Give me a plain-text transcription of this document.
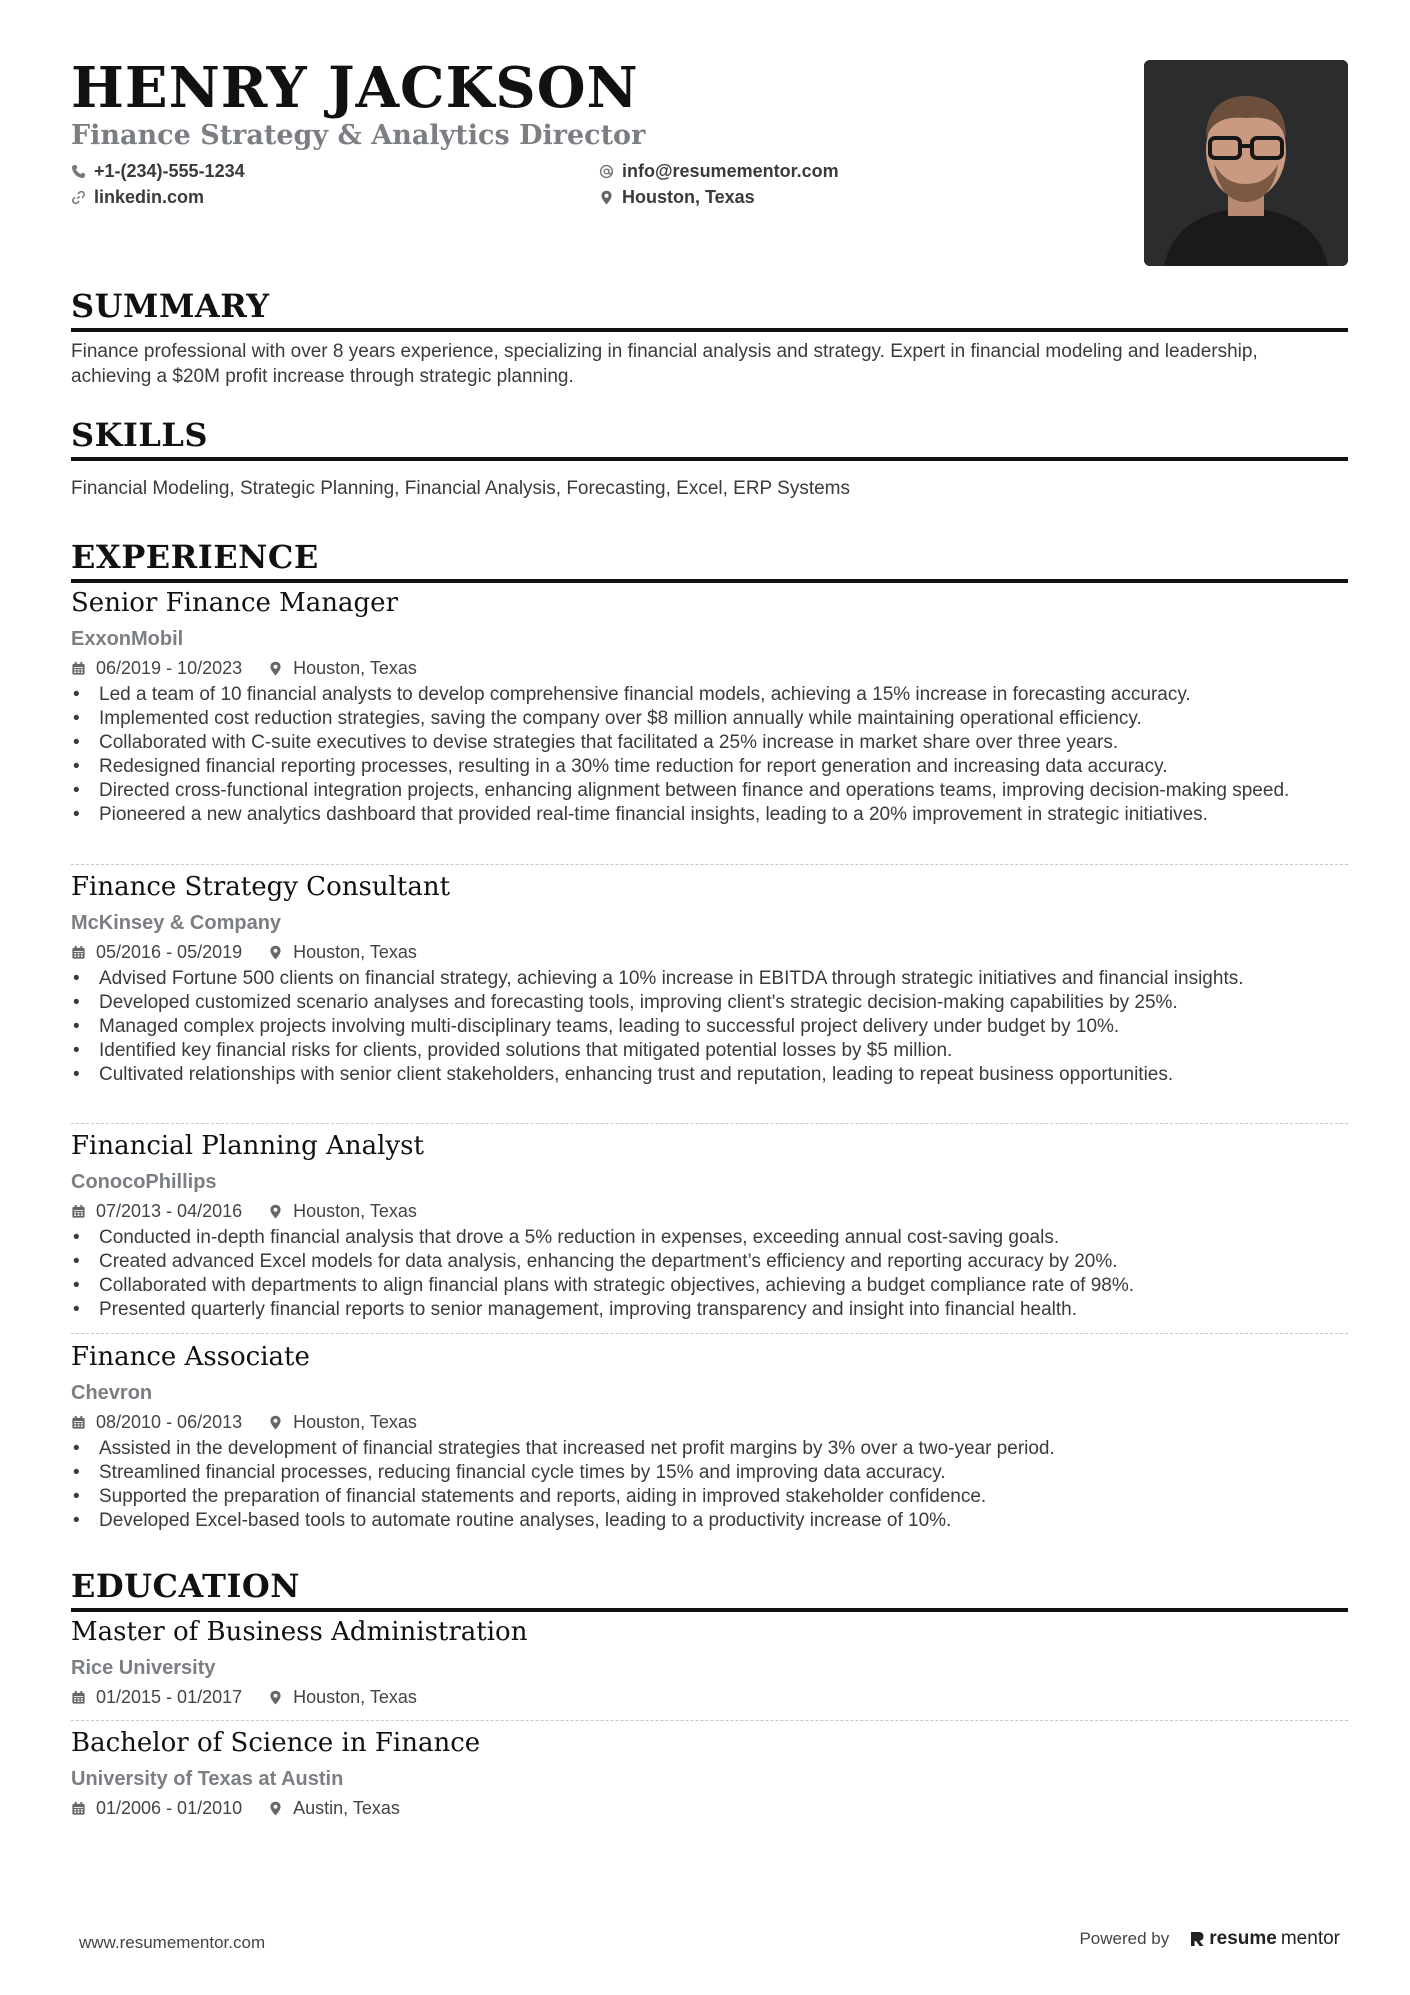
HENRY JACKSON
Finance Strategy & Analytics Director
+1-(234)-555-1234	info@resumementor.com
linkedin.com	Houston, Texas
SUMMARY
Finance professional with over 8 years experience, specializing in financial analysis and strategy. Expert in financial modeling and leadership, achieving a $20M profit increase through strategic planning.
SKILLS
Financial Modeling, Strategic Planning, Financial Analysis, Forecasting, Excel, ERP Systems
EXPERIENCE
Senior Finance Manager
ExxonMobil
06/2019 - 10/2023	Houston, Texas
• Led a team of 10 financial analysts to develop comprehensive financial models, achieving a 15% increase in forecasting accuracy.
• Implemented cost reduction strategies, saving the company over $8 million annually while maintaining operational efficiency.
• Collaborated with C-suite executives to devise strategies that facilitated a 25% increase in market share over three years.
• Redesigned financial reporting processes, resulting in a 30% time reduction for report generation and increasing data accuracy.
• Directed cross-functional integration projects, enhancing alignment between finance and operations teams, improving decision-making speed.
• Pioneered a new analytics dashboard that provided real-time financial insights, leading to a 20% improvement in strategic initiatives.
Finance Strategy Consultant
McKinsey & Company
05/2016 - 05/2019	Houston, Texas
• Advised Fortune 500 clients on financial strategy, achieving a 10% increase in EBITDA through strategic initiatives and financial insights.
• Developed customized scenario analyses and forecasting tools, improving client's strategic decision-making capabilities by 25%.
• Managed complex projects involving multi-disciplinary teams, leading to successful project delivery under budget by 10%.
• Identified key financial risks for clients, provided solutions that mitigated potential losses by $5 million.
• Cultivated relationships with senior client stakeholders, enhancing trust and reputation, leading to repeat business opportunities.
Financial Planning Analyst
ConocoPhillips
07/2013 - 04/2016	Houston, Texas
• Conducted in-depth financial analysis that drove a 5% reduction in expenses, exceeding annual cost-saving goals.
• Created advanced Excel models for data analysis, enhancing the department’s efficiency and reporting accuracy by 20%.
• Collaborated with departments to align financial plans with strategic objectives, achieving a budget compliance rate of 98%.
• Presented quarterly financial reports to senior management, improving transparency and insight into financial health.
Finance Associate
Chevron
08/2010 - 06/2013	Houston, Texas
• Assisted in the development of financial strategies that increased net profit margins by 3% over a two-year period.
• Streamlined financial processes, reducing financial cycle times by 15% and improving data accuracy.
• Supported the preparation of financial statements and reports, aiding in improved stakeholder confidence.
• Developed Excel-based tools to automate routine analyses, leading to a productivity increase of 10%.
EDUCATION
Master of Business Administration
Rice University
01/2015 - 01/2017	Houston, Texas
Bachelor of Science in Finance
University of Texas at Austin
01/2006 - 01/2010	Austin, Texas
www.resumementor.com	Powered by resume mentor
